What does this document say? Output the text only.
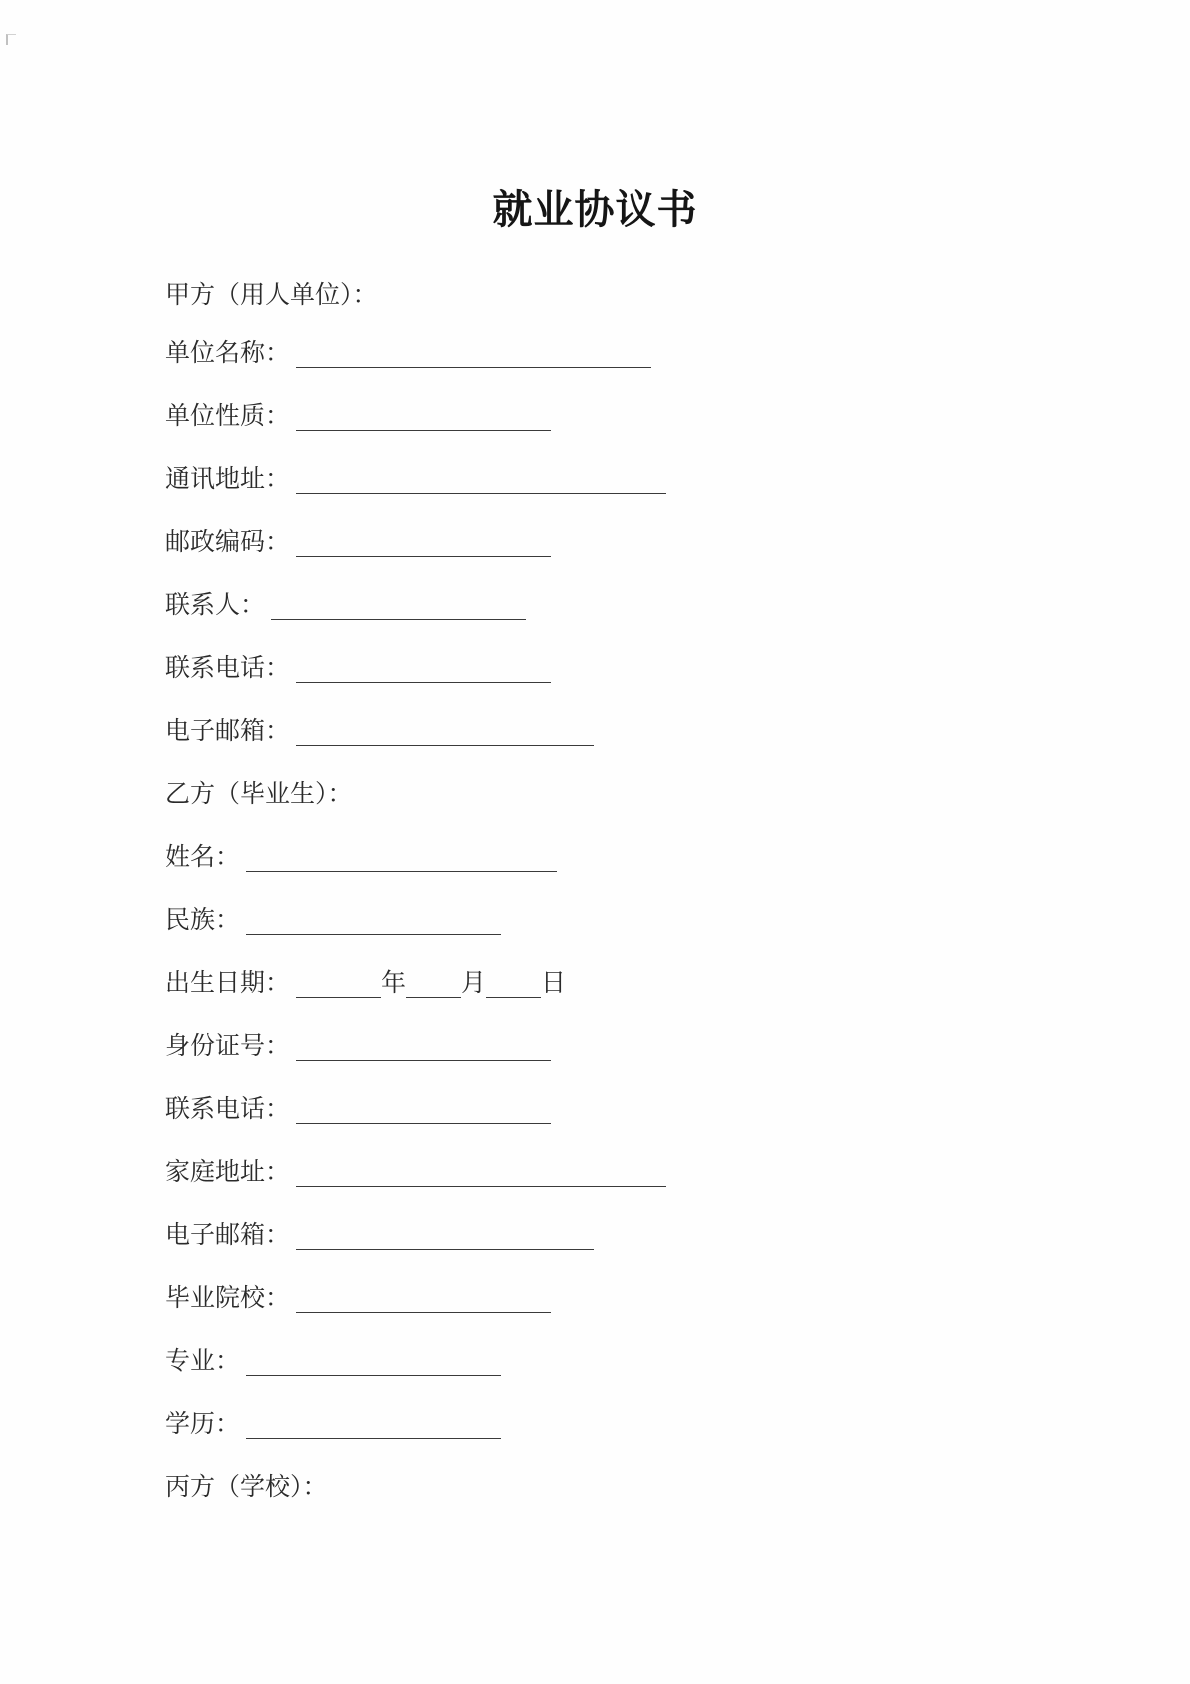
就业协议书
甲方（用人单位）：
单位名称：
单位性质：
通讯地址：
邮政编码：
联系人：
联系电话：
电子邮箱：
乙方（毕业生）：
姓名：
民族：
出生日期：	年 月 日
身份证号：
联系电话：
家庭地址：
电子邮箱：
毕业院校：
专业：
学历：
丙方（学校）：
